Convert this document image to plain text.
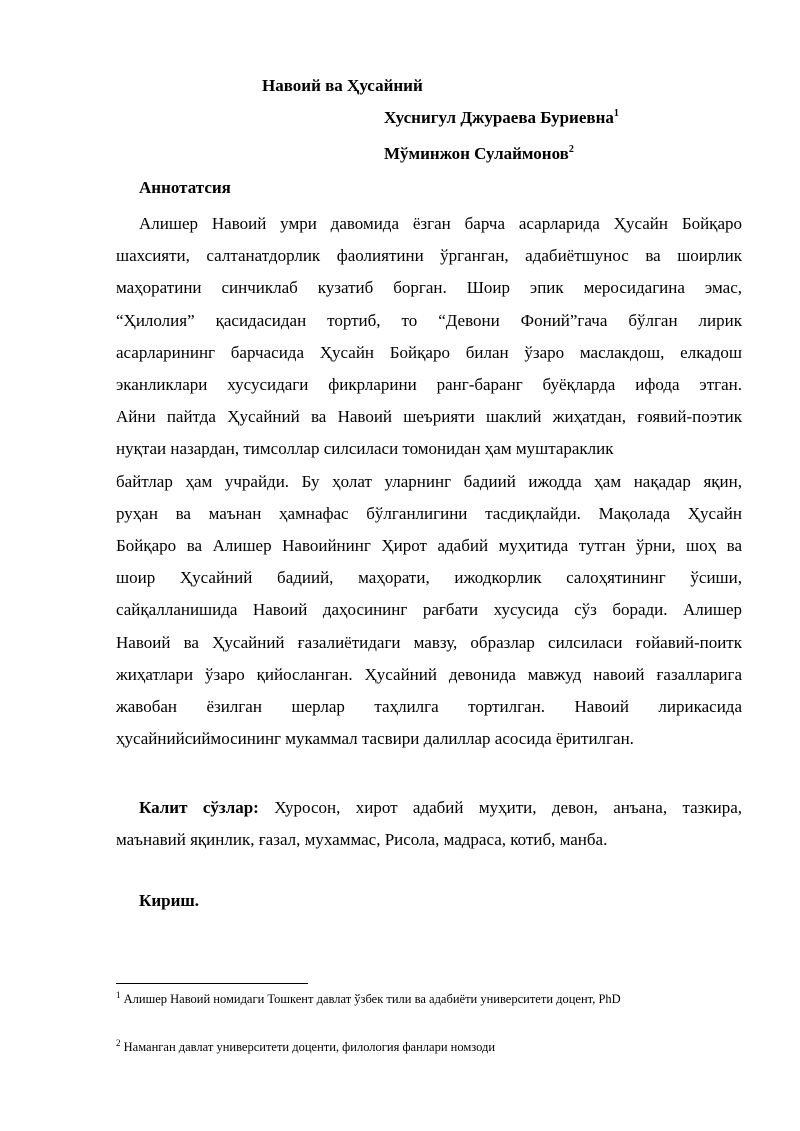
Навоий ва Ҳусайний
Хуснигул Джураева Буриевна$^1$
Мўминжон Сулаймонов$^2$
Аннотатсия
Алишер Навоий умри давомида ёзган барча асарларида Ҳусайн Бойқаро
шахсияти, салтанатдорлик фаолиятини ўрганган, адабиётшунос ва шоирлик
маҳоратини синчиклаб кузатиб борган. Шоир эпик меросидагина эмас,
“Ҳилолия” қасидасидан тортиб, то “Девони Фоний”гача бўлган лирик
асарларининг барчасида Ҳусайн Бойқаро билан ўзаро маслакдош, елкадош
эканликлари хусусидаги фикрларини ранг-баранг буёқларда ифода этган.
Айни пайтда Ҳусайний ва Навоий шеърияти шаклий жиҳатдан, ғоявий-поэтик
нуқтаи назардан, тимсоллар силсиласи томонидан ҳам муштараклик
байтлар ҳам учрайди. Бу ҳолат уларнинг бадиий ижодда ҳам нақадар яқин,
руҳан ва маънан ҳамнафас бўлганлигини тасдиқлайди. Мақолада Ҳусайн
Бойқаро ва Алишер Навоийнинг Ҳирот адабий муҳитида тутган ўрни, шоҳ ва
шоир Ҳусайний бадиий, маҳорати, ижодкорлик салоҳятининг ўсиши,
сайқалланишида Навоий даҳосининг рағбати хусусида сўз боради. Алишер
Навоий ва Ҳусайний ғазалиётидаги мавзу, образлар силсиласи ғойавий-поитк
жиҳатлари ўзаро қийосланган. Ҳусайний девонида мавжуд навоий ғазалларига
жавобан ёзилган шерлар таҳлилга тортилган. Навоий лирикасида
ҳусайнийсиймосининг мукаммал тасвири далиллар асосида ёритилган.
Калит сўзлар: Хуросон, хирот адабий муҳити, девон, анъана, тазкира,
маънавий яқинлик, ғазал, мухаммас, Рисола, мадраса, котиб, манба.
Кириш.
$^1$ Алишер Навоий номидаги Тошкент давлат ўзбек тили ва адабиёти университети доцент, PhD
$^2$ Наманган давлат университети доценти, филология фанлари номзоди
